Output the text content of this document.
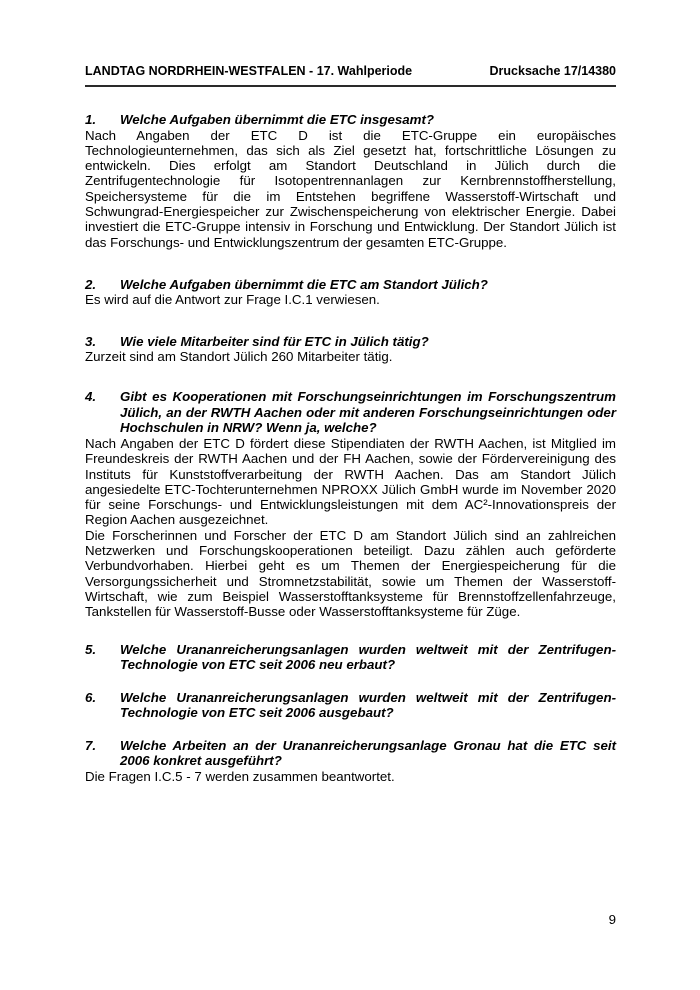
LANDTAG NORDRHEIN-WESTFALEN - 17. Wahlperiode	Drucksache 17/14380
1.	Welche Aufgaben übernimmt die ETC insgesamt?

Nach Angaben der ETC D ist die ETC-Gruppe ein europäisches Technologieunternehmen, das sich als Ziel gesetzt hat, fortschrittliche Lösungen zu entwickeln. Dies erfolgt am Standort Deutschland in Jülich durch die Zentrifugentechnologie für Isotopentrennanlagen zur Kernbrennstoffherstellung, Speichersysteme für die im Entstehen begriffene Wasserstoff-Wirtschaft und Schwungrad-Energiespeicher zur Zwischenspeicherung von elektrischer Energie. Dabei investiert die ETC-Gruppe intensiv in Forschung und Entwicklung. Der Standort Jülich ist das Forschungs- und Entwicklungszentrum der gesamten ETC-Gruppe.

2.	Welche Aufgaben übernimmt die ETC am Standort Jülich?

Es wird auf die Antwort zur Frage I.C.1 verwiesen.

3.	Wie viele Mitarbeiter sind für ETC in Jülich tätig?

Zurzeit sind am Standort Jülich 260 Mitarbeiter tätig.

4.	Gibt es Kooperationen mit Forschungseinrichtungen im Forschungszentrum Jülich, an der RWTH Aachen oder mit anderen Forschungseinrichtungen oder Hochschulen in NRW? Wenn ja, welche?

Nach Angaben der ETC D fördert diese Stipendiaten der RWTH Aachen, ist Mitglied im Freundeskreis der RWTH Aachen und der FH Aachen, sowie der Fördervereinigung des Instituts für Kunststoffverarbeitung der RWTH Aachen. Das am Standort Jülich angesiedelte ETC-Tochterunternehmen NPROXX Jülich GmbH wurde im November 2020 für seine Forschungs- und Entwicklungsleistungen mit dem AC²-Innovationspreis der Region Aachen ausgezeichnet.

Die Forscherinnen und Forscher der ETC D am Standort Jülich sind an zahlreichen Netzwerken und Forschungskooperationen beteiligt. Dazu zählen auch geförderte Verbundvorhaben. Hierbei geht es um Themen der Energiespeicherung für die Versorgungssicherheit und Stromnetzstabilität, sowie um Themen der Wasserstoff-Wirtschaft, wie zum Beispiel Wasserstofftanksysteme für Brennstoffzellenfahrzeuge, Tankstellen für Wasserstoff-Busse oder Wasserstofftanksysteme für Züge.

5.	Welche Urananreicherungsanlagen wurden weltweit mit der Zentrifugen-Technologie von ETC seit 2006 neu erbaut?
6.	Welche Urananreicherungsanlagen wurden weltweit mit der Zentrifugen-Technologie von ETC seit 2006 ausgebaut?
7.	Welche Arbeiten an der Urananreicherungsanlage Gronau hat die ETC seit 2006 konkret ausgeführt?

Die Fragen I.C.5 - 7 werden zusammen beantwortet.

9
